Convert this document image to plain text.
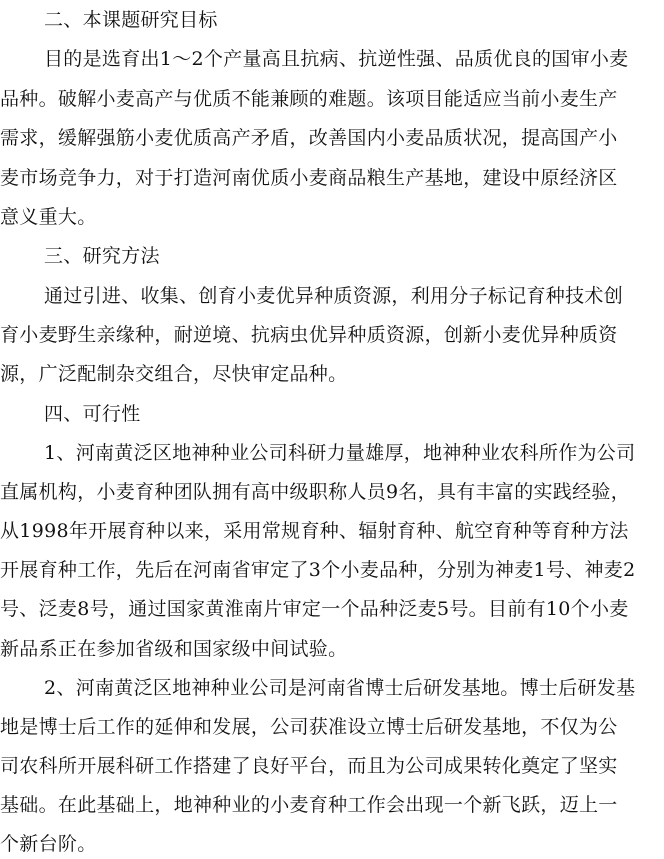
二、本课题研究目标
目的是选育出1～2个产量高且抗病、抗逆性强、品质优良的国审小麦
品种。破解小麦高产与优质不能兼顾的难题。该项目能适应当前小麦生产
需求，缓解强筋小麦优质高产矛盾，改善国内小麦品质状况，提高国产小
麦市场竞争力，对于打造河南优质小麦商品粮生产基地，建设中原经济区
意义重大。
三、研究方法
通过引进、收集、创育小麦优异种质资源，利用分子标记育种技术创
育小麦野生亲缘种，耐逆境、抗病虫优异种质资源，创新小麦优异种质资
源，广泛配制杂交组合，尽快审定品种。
四、可行性
1、河南黄泛区地神种业公司科研力量雄厚，地神种业农科所作为公司
直属机构，小麦育种团队拥有高中级职称人员9名，具有丰富的实践经验，
从1998年开展育种以来，采用常规育种、辐射育种、航空育种等育种方法
开展育种工作，先后在河南省审定了3个小麦品种，分别为神麦1号、神麦2
号、泛麦8号，通过国家黄淮南片审定一个品种泛麦5号。目前有10个小麦
新品系正在参加省级和国家级中间试验。
2、河南黄泛区地神种业公司是河南省博士后研发基地。博士后研发基
地是博士后工作的延伸和发展，公司获准设立博士后研发基地，不仅为公
司农科所开展科研工作搭建了良好平台，而且为公司成果转化奠定了坚实
基础。在此基础上，地神种业的小麦育种工作会出现一个新飞跃，迈上一
个新台阶。
